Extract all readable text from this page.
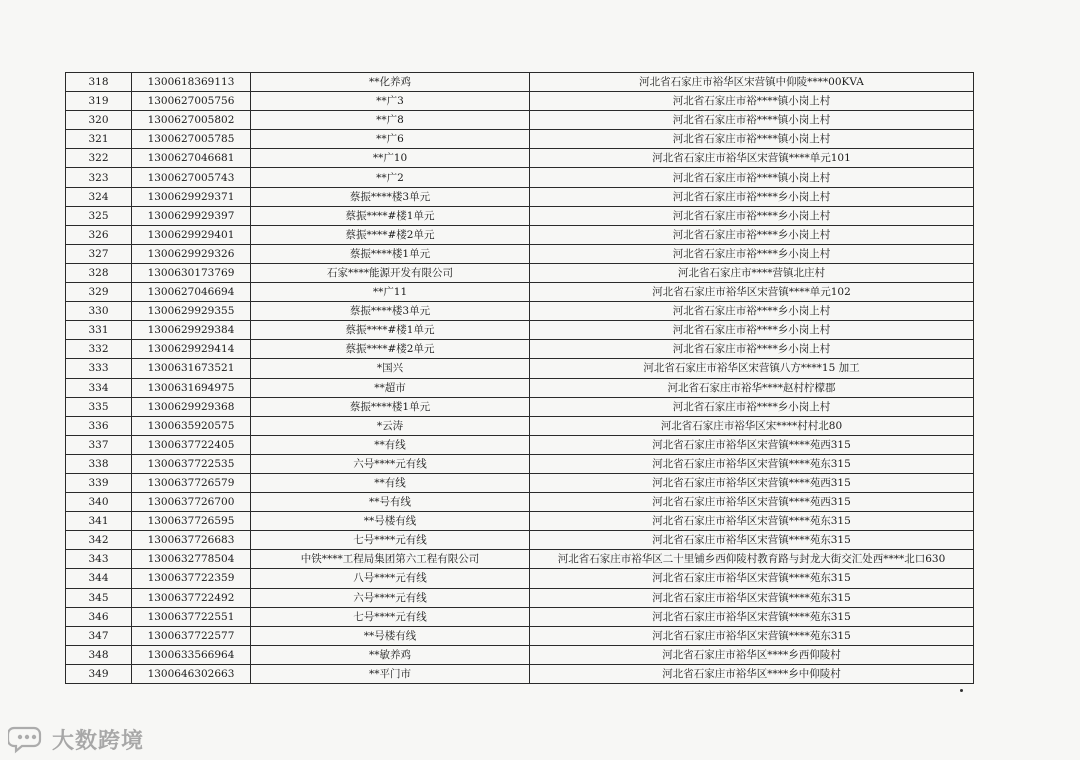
318	1300618369113	**化养鸡	河北省石家庄市裕华区宋营镇中仰陵****00KVA
319	1300627005756	**广3	河北省石家庄市裕****镇小岗上村
320	1300627005802	**广8	河北省石家庄市裕****镇小岗上村
321	1300627005785	**广6	河北省石家庄市裕****镇小岗上村
322	1300627046681	**广10	河北省石家庄市裕华区宋营镇****单元101
323	1300627005743	**广2	河北省石家庄市裕****镇小岗上村
324	1300629929371	蔡振****楼3单元	河北省石家庄市裕****乡小岗上村
325	1300629929397	蔡振****#楼1单元	河北省石家庄市裕****乡小岗上村
326	1300629929401	蔡振****#楼2单元	河北省石家庄市裕****乡小岗上村
327	1300629929326	蔡振****楼1单元	河北省石家庄市裕****乡小岗上村
328	1300630173769	石家****能源开发有限公司	河北省石家庄市****营镇北庄村
329	1300627046694	**广11	河北省石家庄市裕华区宋营镇****单元102
330	1300629929355	蔡振****楼3单元	河北省石家庄市裕****乡小岗上村
331	1300629929384	蔡振****#楼1单元	河北省石家庄市裕****乡小岗上村
332	1300629929414	蔡振****#楼2单元	河北省石家庄市裕****乡小岗上村
333	1300631673521	*国兴	河北省石家庄市裕华区宋营镇八方****15 加工
334	1300631694975	**超市	河北省石家庄市裕华****赵村柠檬郡
335	1300629929368	蔡振****楼1单元	河北省石家庄市裕****乡小岗上村
336	1300635920575	*云涛	河北省石家庄市裕华区宋****村村北80
337	1300637722405	**有线	河北省石家庄市裕华区宋营镇****苑西315
338	1300637722535	六号****元有线	河北省石家庄市裕华区宋营镇****苑东315
339	1300637726579	**有线	河北省石家庄市裕华区宋营镇****苑西315
340	1300637726700	**号有线	河北省石家庄市裕华区宋营镇****苑西315
341	1300637726595	**号楼有线	河北省石家庄市裕华区宋营镇****苑东315
342	1300637726683	七号****元有线	河北省石家庄市裕华区宋营镇****苑东315
343	1300632778504	中铁****工程局集团第六工程有限公司	河北省石家庄市裕华区二十里铺乡西仰陵村教育路与封龙大街交汇处西****北口630
344	1300637722359	八号****元有线	河北省石家庄市裕华区宋营镇****苑东315
345	1300637722492	六号****元有线	河北省石家庄市裕华区宋营镇****苑东315
346	1300637722551	七号****元有线	河北省石家庄市裕华区宋营镇****苑东315
347	1300637722577	**号楼有线	河北省石家庄市裕华区宋营镇****苑东315
348	1300633566964	**敏养鸡	河北省石家庄市裕华区****乡西仰陵村
349	1300646302663	**平门市	河北省石家庄市裕华区****乡中仰陵村
大数跨境
